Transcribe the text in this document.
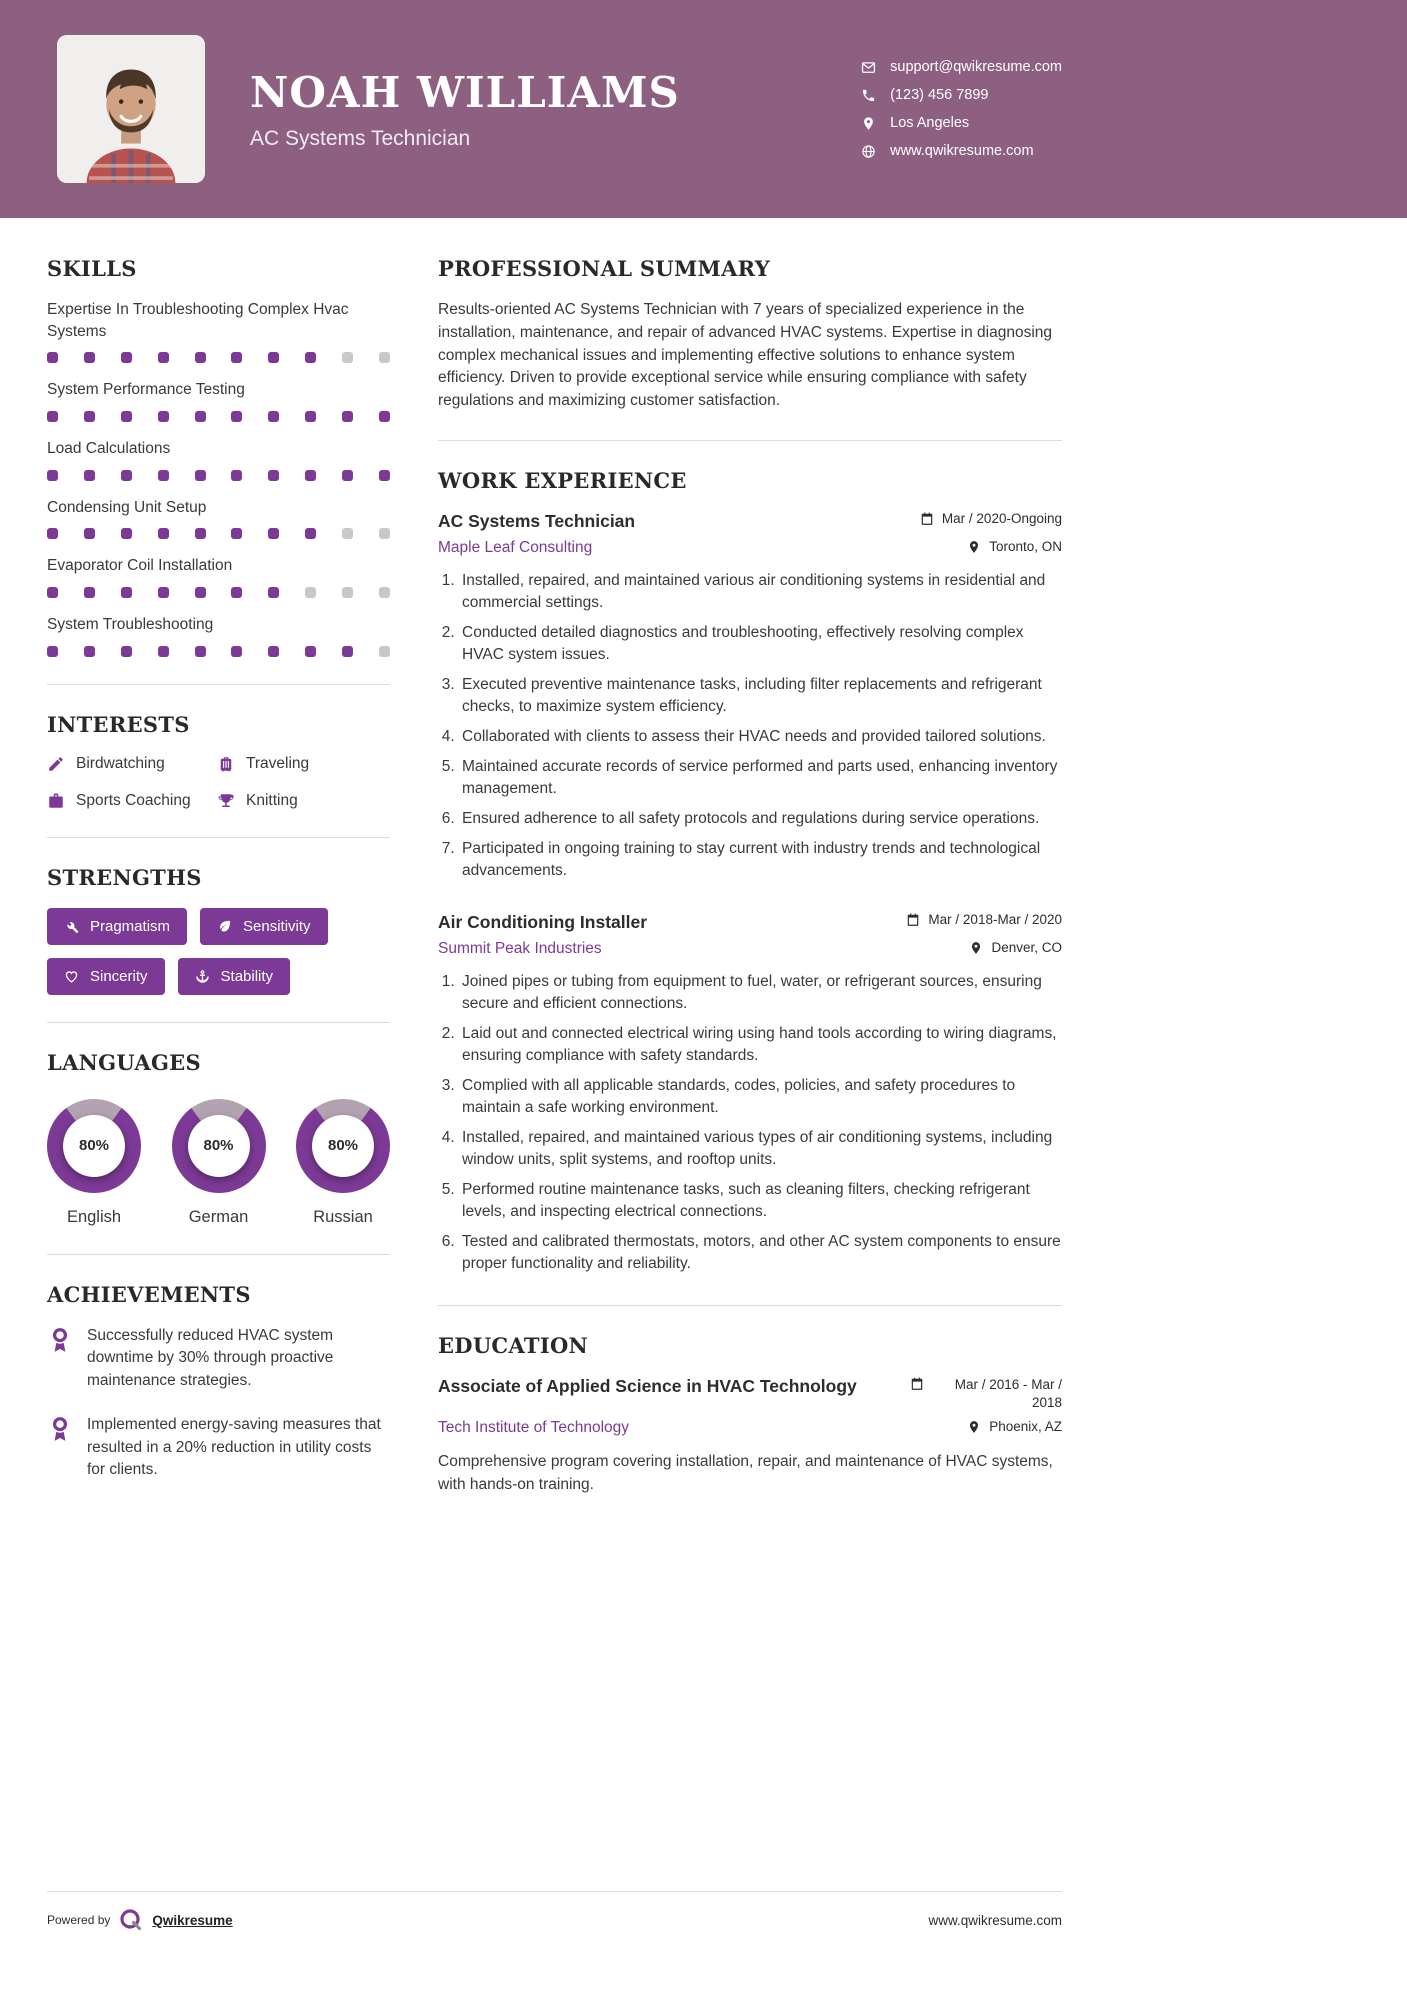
NOAH WILLIAMS
AC Systems Technician
support@qwikresume.com
(123) 456 7899
Los Angeles
www.qwikresume.com
SKILLS
Expertise In Troubleshooting Complex Hvac Systems
System Performance Testing
Load Calculations
Condensing Unit Setup
Evaporator Coil Installation
System Troubleshooting
INTERESTS
Birdwatching	Traveling
Sports Coaching	Knitting
STRENGTHS
Pragmatism	Sensitivity
Sincerity	Stability
LANGUAGES
80%
English
80%
German
80%
Russian
ACHIEVEMENTS

Successfully reduced HVAC system downtime by 30% through proactive maintenance strategies.

Implemented energy-saving measures that resulted in a 20% reduction in utility costs for clients.

PROFESSIONAL SUMMARY

Results-oriented AC Systems Technician with 7 years of specialized experience in the installation, maintenance, and repair of advanced HVAC systems. Expertise in diagnosing complex mechanical issues and implementing effective solutions to enhance system efficiency. Driven to provide exceptional service while ensuring compliance with safety regulations and maximizing customer satisfaction.

WORK EXPERIENCE
AC Systems Technician	Mar / 2020-Ongoing
Maple Leaf Consulting	Toronto, ON
1. Installed, repaired, and maintained various air conditioning systems in residential and commercial settings.
2. Conducted detailed diagnostics and troubleshooting, effectively resolving complex HVAC system issues.
3. Executed preventive maintenance tasks, including filter replacements and refrigerant checks, to maximize system efficiency.
4. Collaborated with clients to assess their HVAC needs and provided tailored solutions.
5. Maintained accurate records of service performed and parts used, enhancing inventory management.
6. Ensured adherence to all safety protocols and regulations during service operations.
7. Participated in ongoing training to stay current with industry trends and technological advancements.
Air Conditioning Installer	Mar / 2018-Mar / 2020
Summit Peak Industries	Denver, CO
1. Joined pipes or tubing from equipment to fuel, water, or refrigerant sources, ensuring secure and efficient connections.
2. Laid out and connected electrical wiring using hand tools according to wiring diagrams, ensuring compliance with safety standards.
3. Complied with all applicable standards, codes, policies, and safety procedures to maintain a safe working environment.
4. Installed, repaired, and maintained various types of air conditioning systems, including window units, split systems, and rooftop units.
5. Performed routine maintenance tasks, such as cleaning filters, checking refrigerant levels, and inspecting electrical connections.
6. Tested and calibrated thermostats, motors, and other AC system components to ensure proper functionality and reliability.
EDUCATION
Associate of Applied Science in HVAC Technology	Mar / 2016 - Mar / 2018
Tech Institute of Technology	Phoenix, AZ

Comprehensive program covering installation, repair, and maintenance of HVAC systems, with hands-on training.

Powered by	Qwikresume	www.qwikresume.com
